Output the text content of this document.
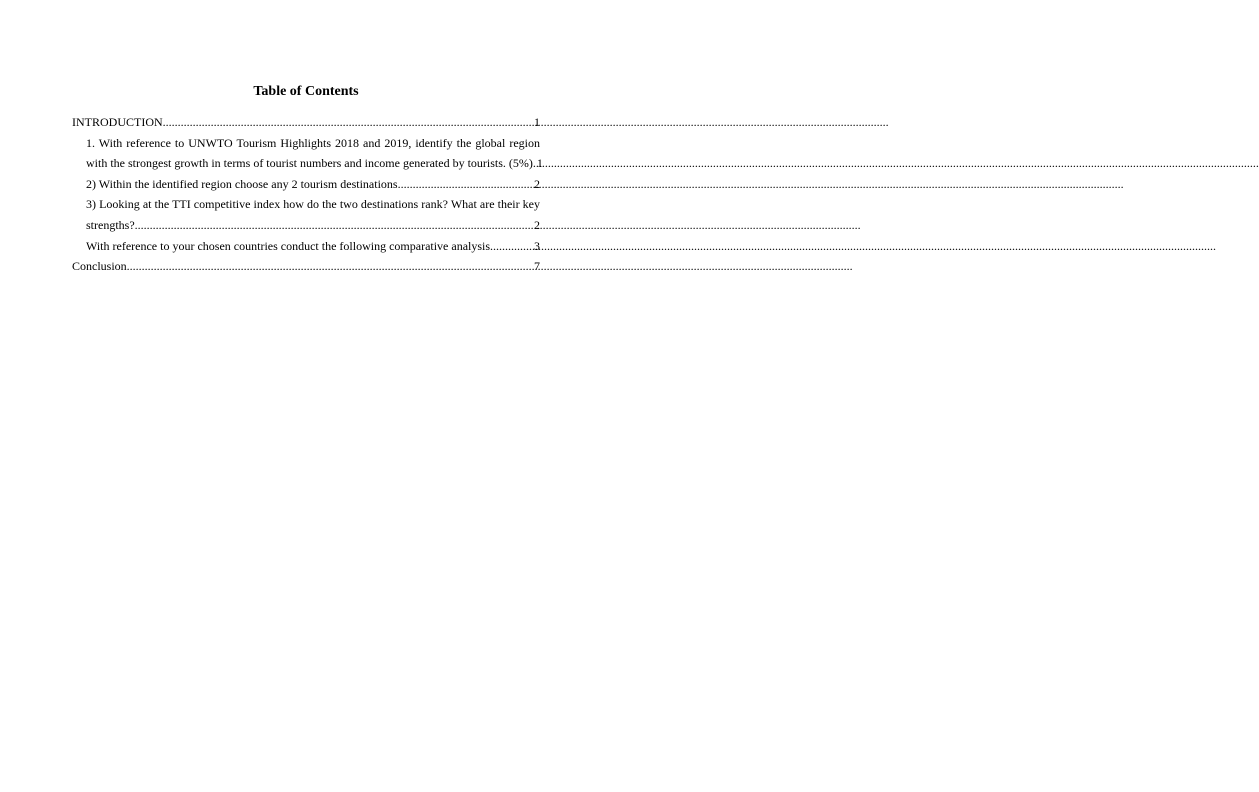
Table of Contents
INTRODUCTION .....	1
1. With reference to UNWTO Tourism Highlights 2018 and 2019, identify the global region
with the strongest growth in terms of tourist numbers and income generated by tourists. (5%) ..... 1
2) Within the identified region choose any 2 tourism destinations .....	2
3) Looking at the TTI competitive index how do the two destinations rank? What are their key
strengths? .....	2
With reference to your chosen countries conduct the following comparative analysis .....	3
Conclusion .....	7
